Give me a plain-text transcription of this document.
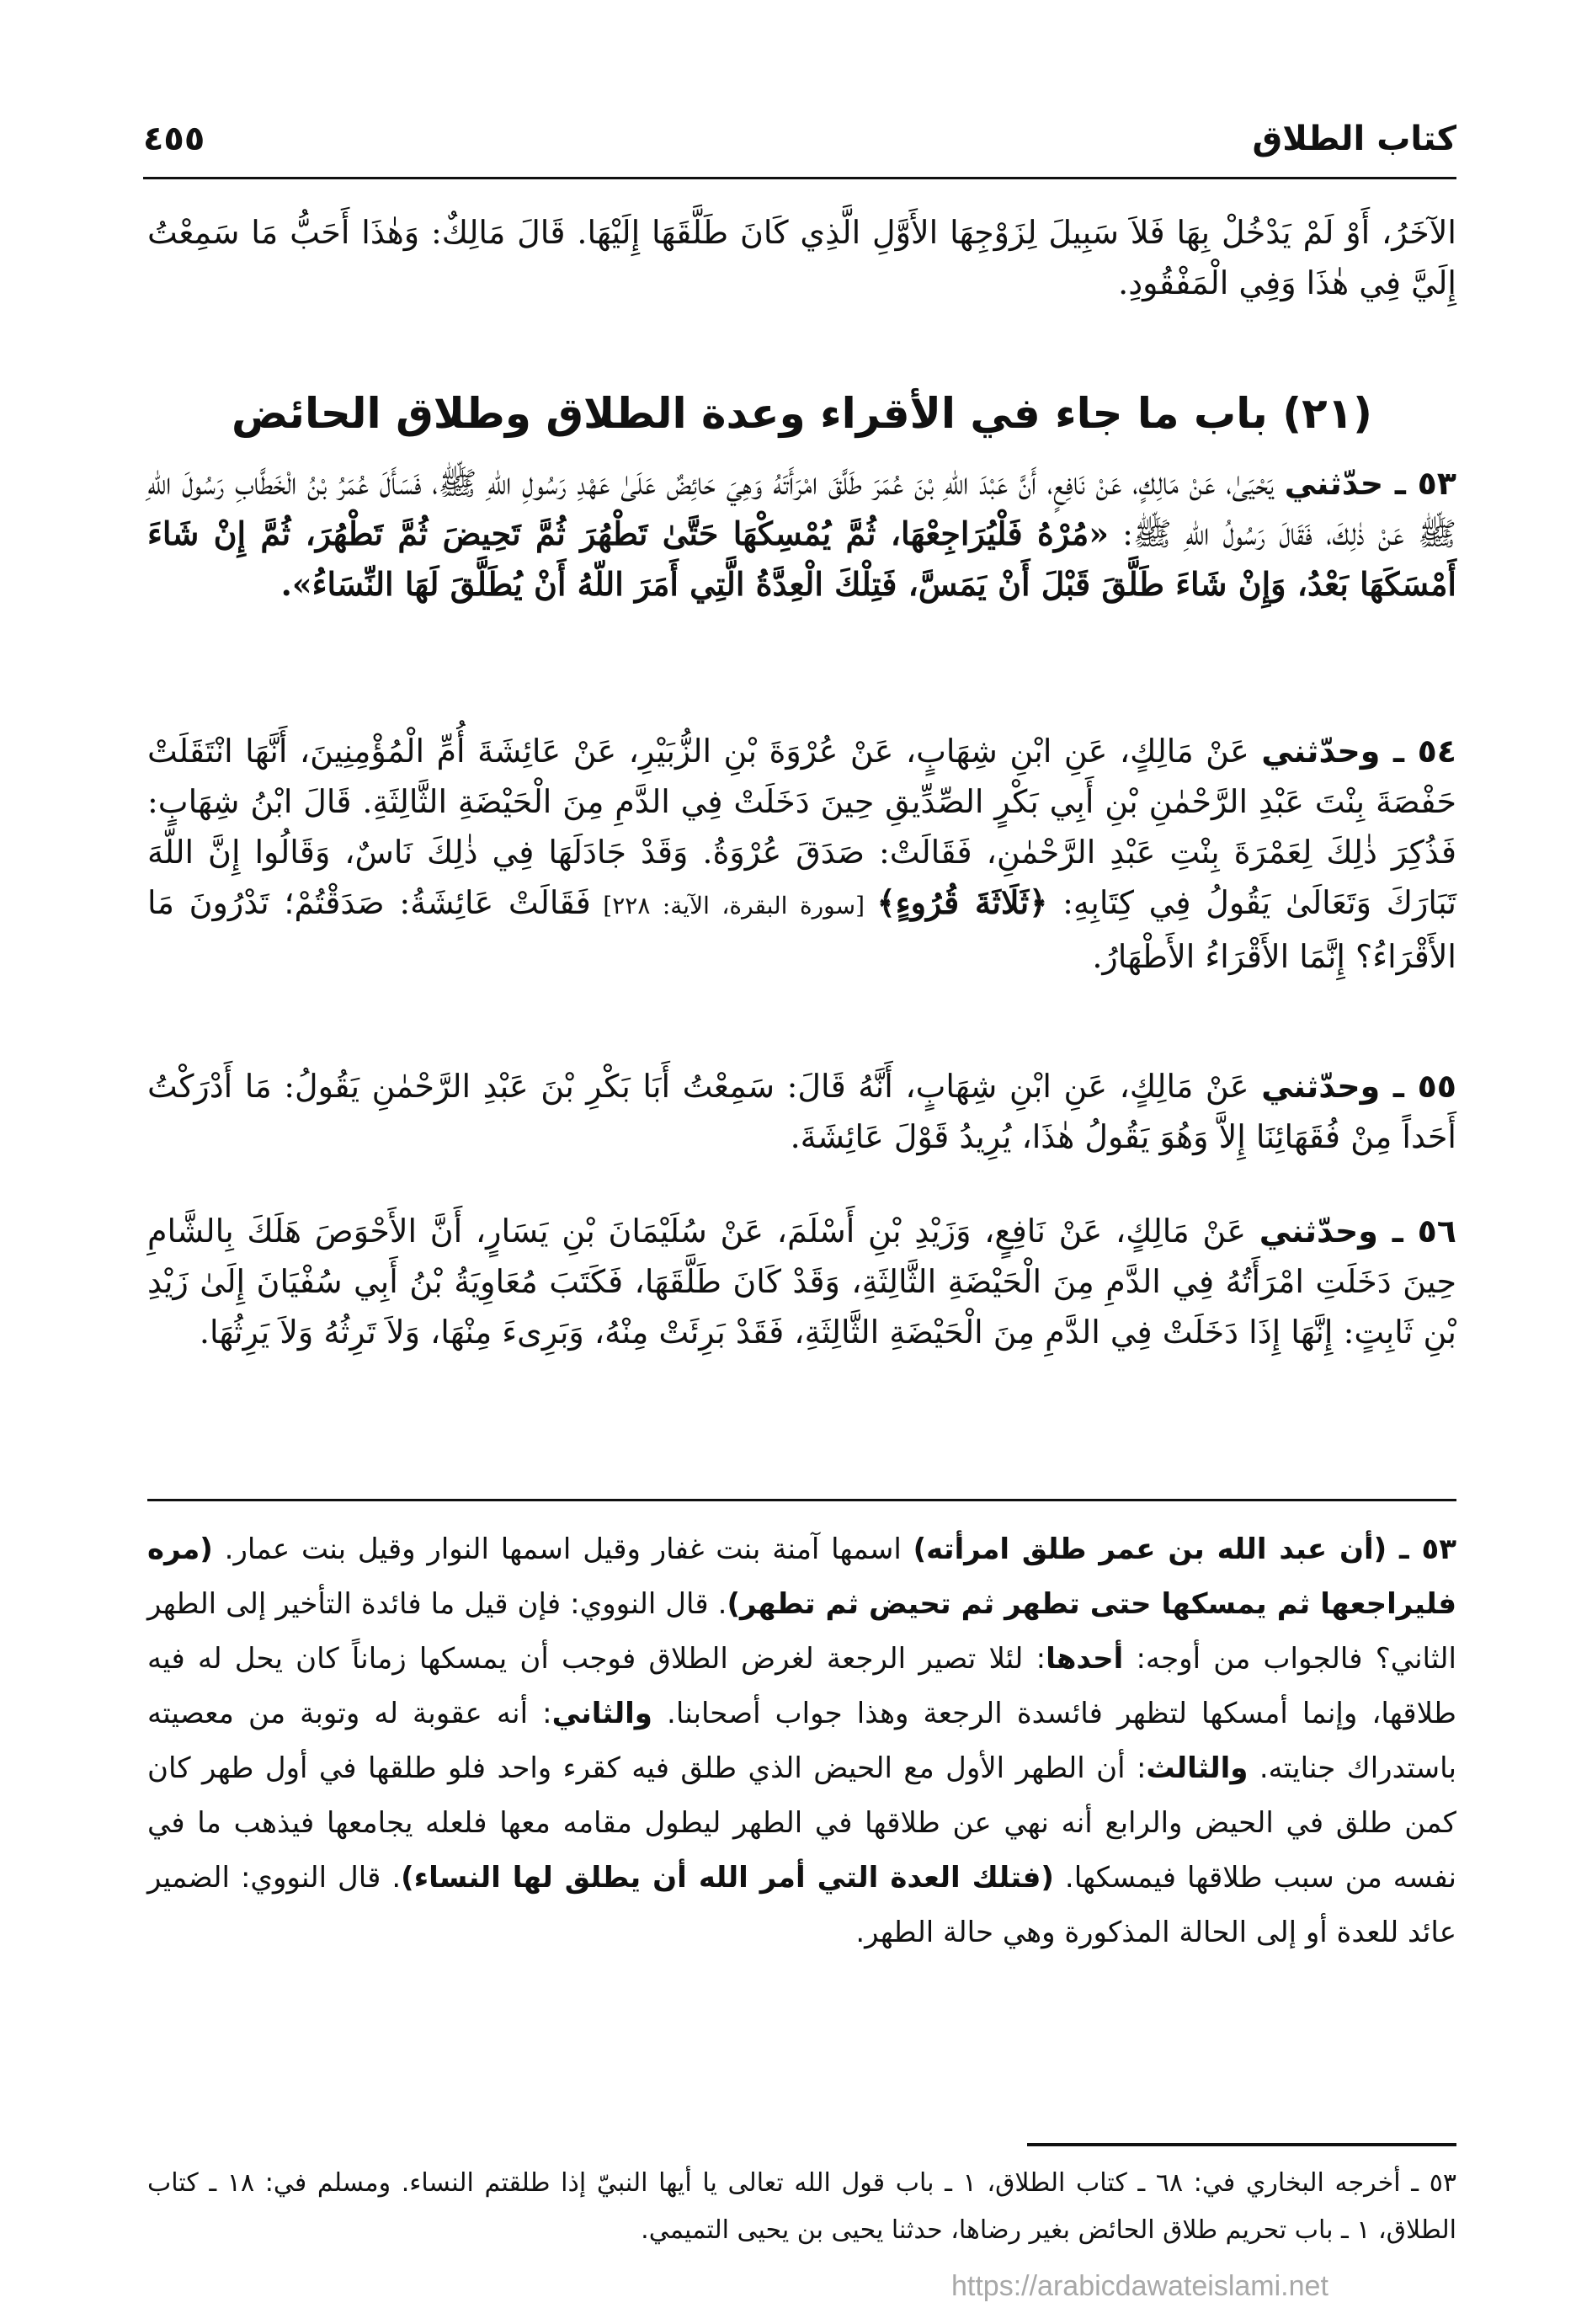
كتاب الطلاق
٤٥٥
الآخَرُ، أَوْ لَمْ يَدْخُلْ بِهَا فَلاَ سَبِيلَ لِزَوْجِهَا الأَوَّلِ الَّذِي كَانَ طَلَّقَهَا إِلَيْهَا. قَالَ مَالِكٌ: وَهٰذَا أَحَبُّ مَا سَمِعْتُ إِلَيَّ فِي هٰذَا وَفِي الْمَفْقُودِ.
(٢١) باب ما جاء في الأقراء وعدة الطلاق وطلاق الحائض
٥٣ ـ حدّثني يَحْيَىٰ، عَنْ مَالِكٍ، عَنْ نَافِعٍ، أَنَّ عَبْدَ اللّهِ بْنَ عُمَرَ طَلَّقَ امْرَأَتَهُ وَهِيَ حَائِضٌ عَلَىٰ عَهْدِ رَسُولِ اللّهِ ﷺ، فَسَأَلَ عُمَرُ بْنُ الْخَطَّابِ رَسُولَ اللّهِ ﷺ عَنْ ذٰلِكَ، فَقَالَ رَسُولُ اللّهِ ﷺ: «مُرْهُ فَلْيُرَاجِعْهَا، ثُمَّ يُمْسِكْهَا حَتَّىٰ تَطْهُرَ ثُمَّ تَحِيضَ ثُمَّ تَطْهُرَ، ثُمَّ إِنْ شَاءَ أَمْسَكَهَا بَعْدُ، وَإِنْ شَاءَ طَلَّقَ قَبْلَ أَنْ يَمَسَّ، فَتِلْكَ الْعِدَّةُ الَّتِي أَمَرَ اللّهُ أَنْ يُطَلَّقَ لَهَا النِّسَاءُ».
٥٤ ـ وحدّثني عَنْ مَالِكٍ، عَنِ ابْنِ شِهَابٍ، عَنْ عُرْوَةَ بْنِ الزُّبَيْرِ، عَنْ عَائِشَةَ أُمِّ الْمُؤْمِنِينَ، أَنَّهَا انْتَقَلَتْ حَفْصَةَ بِنْتَ عَبْدِ الرَّحْمٰنِ بْنِ أَبِي بَكْرٍ الصِّدِّيقِ حِينَ دَخَلَتْ فِي الدَّمِ مِنَ الْحَيْضَةِ الثَّالِثَةِ. قَالَ ابْنُ شِهَابٍ: فَذُكِرَ ذٰلِكَ لِعَمْرَةَ بِنْتِ عَبْدِ الرَّحْمٰنِ، فَقَالَتْ: صَدَقَ عُرْوَةُ. وَقَدْ جَادَلَهَا فِي ذٰلِكَ نَاسٌ، وَقَالُوا إِنَّ اللّهَ تَبَارَكَ وَتَعَالَىٰ يَقُولُ فِي كِتَابِهِ: ﴿ثَلَاثَةَ قُرُوءٍ﴾ [سورة البقرة، الآية: ٢٢٨] فَقَالَتْ عَائِشَةُ: صَدَقْتُمْ؛ تَدْرُونَ مَا الأَقْرَاءُ؟ إِنَّمَا الأَقْرَاءُ الأَطْهَارُ.
٥٥ ـ وحدّثني عَنْ مَالِكٍ، عَنِ ابْنِ شِهَابٍ، أَنَّهُ قَالَ: سَمِعْتُ أَبَا بَكْرِ بْنَ عَبْدِ الرَّحْمٰنِ يَقُولُ: مَا أَدْرَكْتُ أَحَداً مِنْ فُقَهَائِنَا إِلاَّ وَهُوَ يَقُولُ هٰذَا، يُرِيدُ قَوْلَ عَائِشَةَ.
٥٦ ـ وحدّثني عَنْ مَالِكٍ، عَنْ نَافِعٍ، وَزَيْدِ بْنِ أَسْلَمَ، عَنْ سُلَيْمَانَ بْنِ يَسَارٍ، أَنَّ الأَحْوَصَ هَلَكَ بِالشَّامِ حِينَ دَخَلَتِ امْرَأَتُهُ فِي الدَّمِ مِنَ الْحَيْضَةِ الثَّالِثَةِ، وَقَدْ كَانَ طَلَّقَهَا، فَكَتَبَ مُعَاوِيَةُ بْنُ أَبِي سُفْيَانَ إِلَىٰ زَيْدِ بْنِ ثَابِتٍ: إِنَّهَا إِذَا دَخَلَتْ فِي الدَّمِ مِنَ الْحَيْضَةِ الثَّالِثَةِ، فَقَدْ بَرِئَتْ مِنْهُ، وَبَرِىءَ مِنْهَا، وَلاَ تَرِثُهُ وَلاَ يَرِثُهَا.
٥٣ ـ (أن عبد الله بن عمر طلق امرأته) اسمها آمنة بنت غفار وقيل اسمها النوار وقيل بنت عمار. (مره فليراجعها ثم يمسكها حتى تطهر ثم تحيض ثم تطهر). قال النووي: فإن قيل ما فائدة التأخير إلى الطهر الثاني؟ فالجواب من أوجه: أحدها: لئلا تصير الرجعة لغرض الطلاق فوجب أن يمسكها زماناً كان يحل له فيه طلاقها، وإنما أمسكها لتظهر فائسدة الرجعة وهذا جواب أصحابنا. والثاني: أنه عقوبة له وتوبة من معصيته باستدراك جنايته. والثالث: أن الطهر الأول مع الحيض الذي طلق فيه كقرء واحد فلو طلقها في أول طهر كان كمن طلق في الحيض والرابع أنه نهي عن طلاقها في الطهر ليطول مقامه معها فلعله يجامعها فيذهب ما في نفسه من سبب طلاقها فيمسكها. (فتلك العدة التي أمر الله أن يطلق لها النساء). قال النووي: الضمير عائد للعدة أو إلى الحالة المذكورة وهي حالة الطهر.
٥٣ ـ أخرجه البخاري في: ٦٨ ـ كتاب الطلاق، ١ ـ باب قول الله تعالى يا أيها النبيّ إذا طلقتم النساء. ومسلم في: ١٨ ـ كتاب الطلاق، ١ ـ باب تحريم طلاق الحائض بغير رضاها، حدثنا يحيى بن يحيى التميمي.
https://arabicdawateislami.net
